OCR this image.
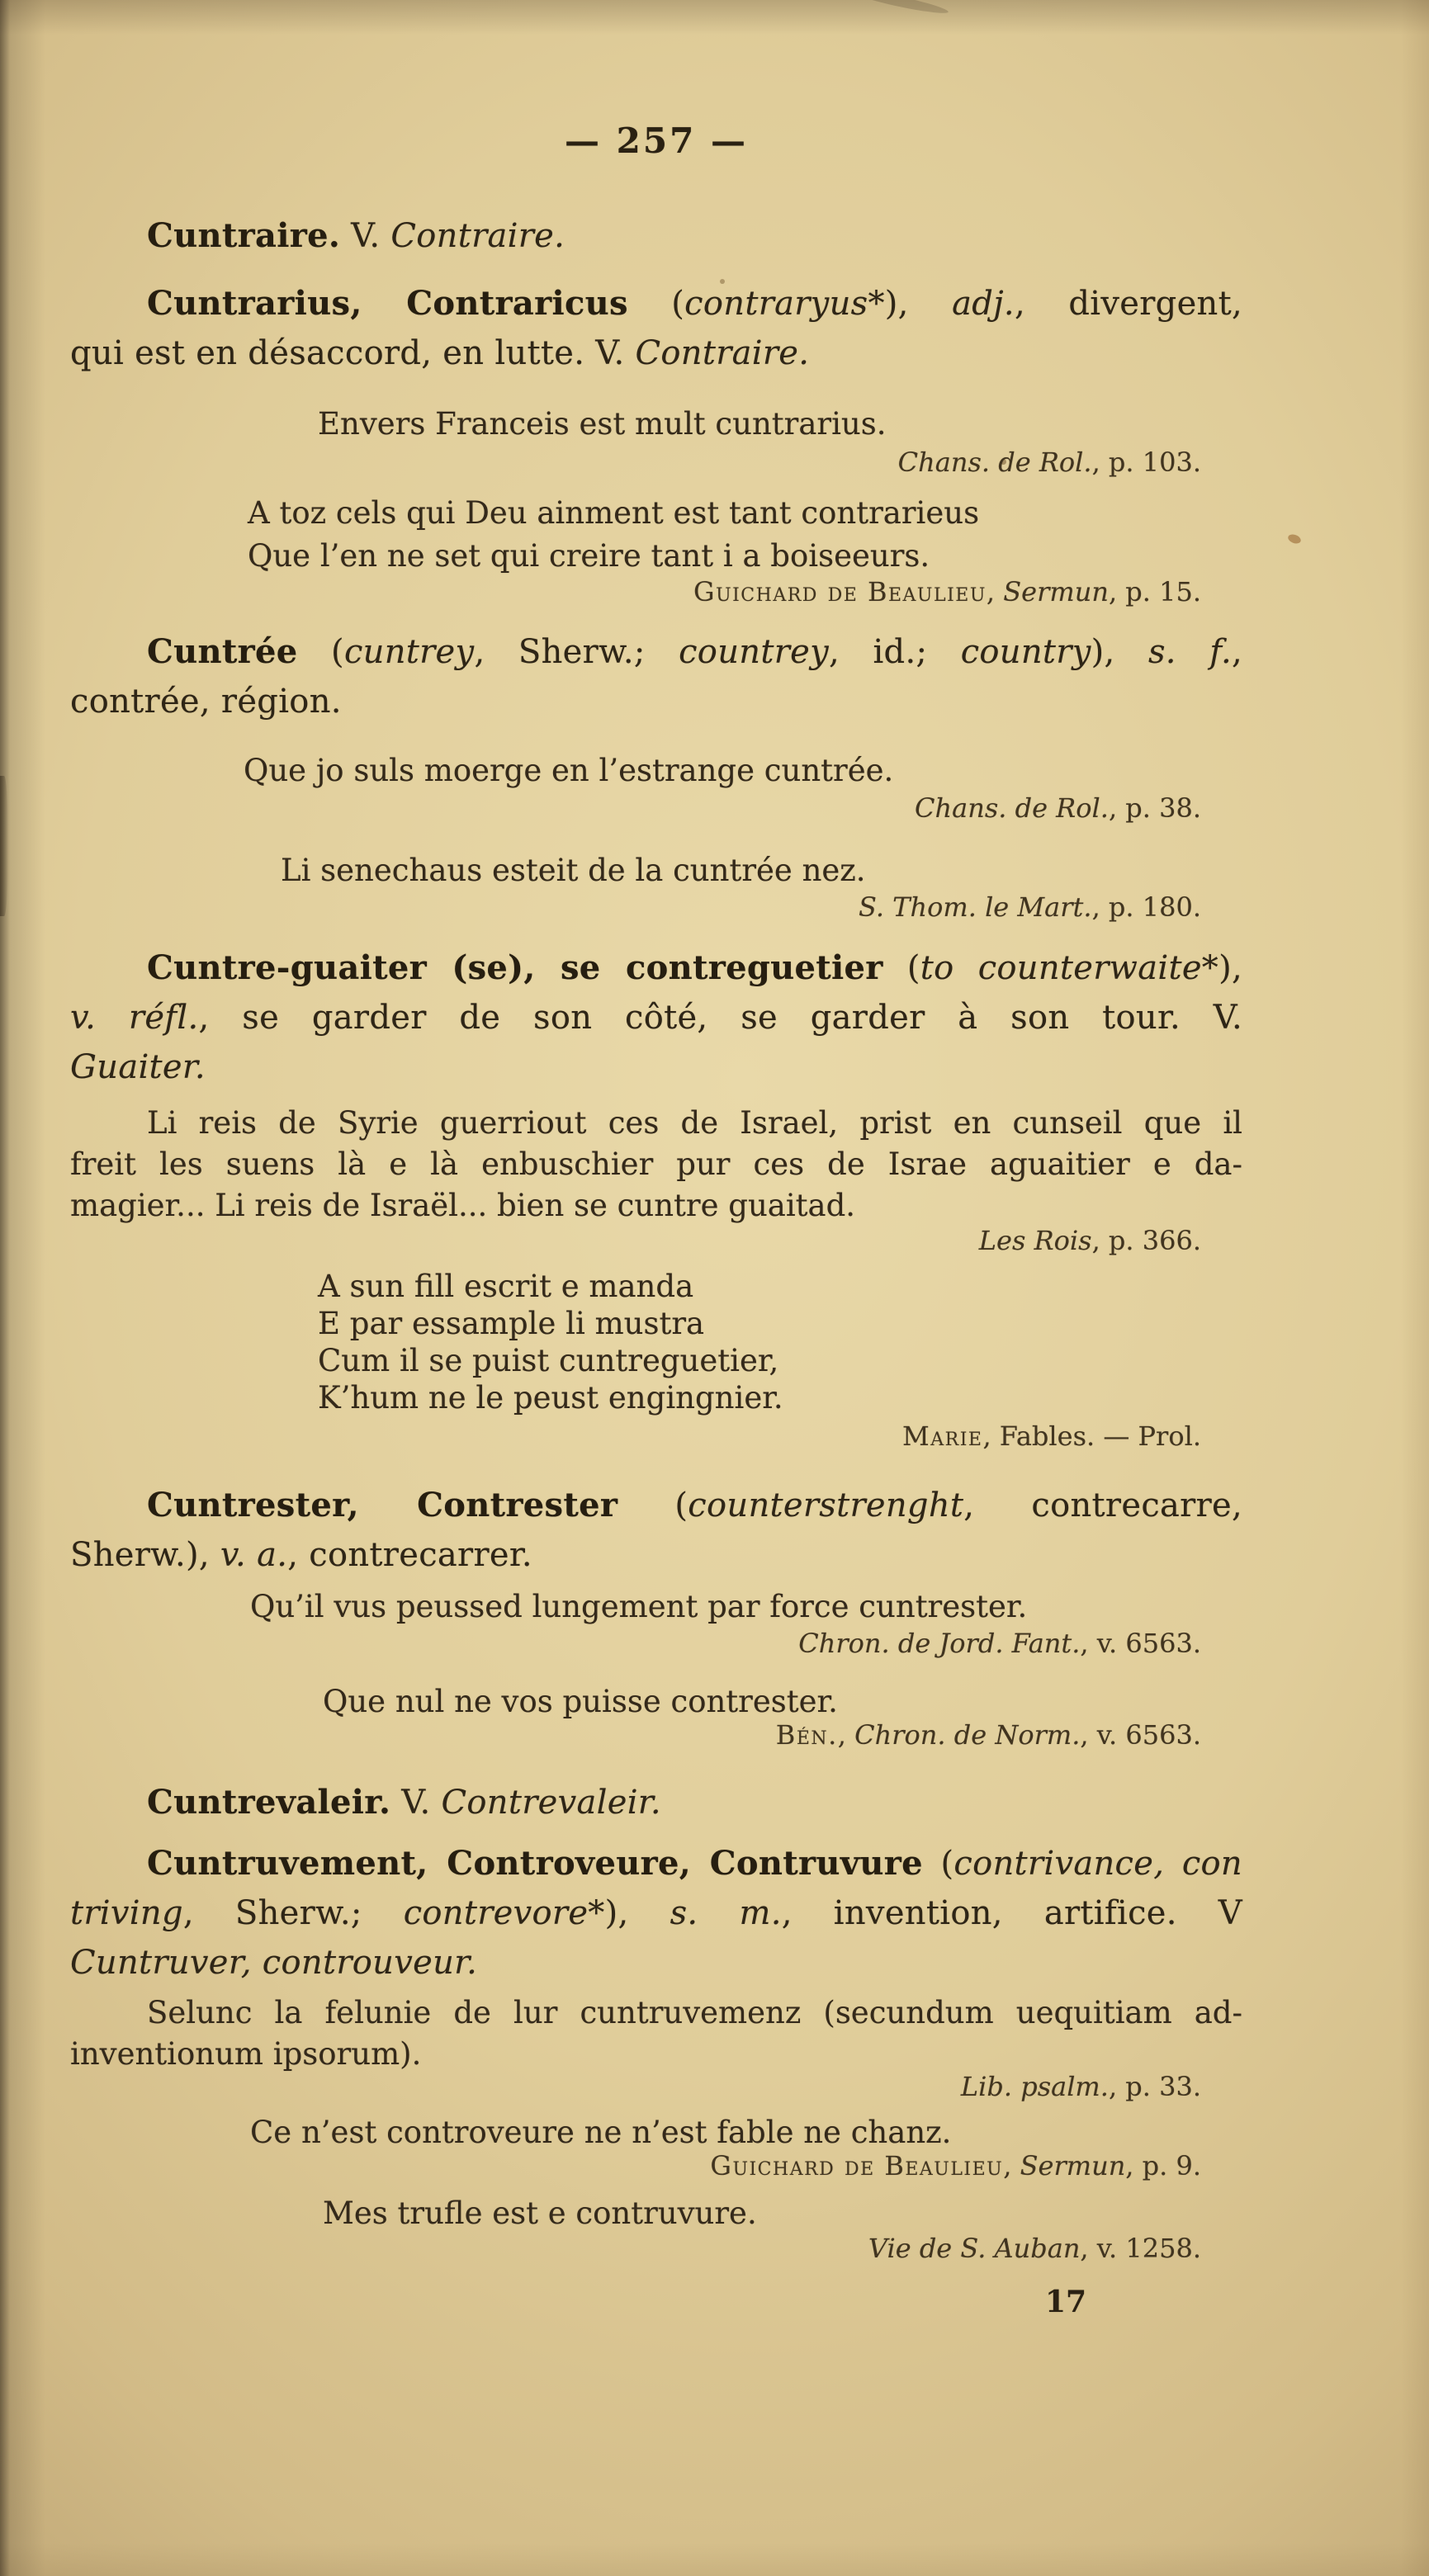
— 257 —
Cuntraire. V. Contraire.
Cuntrarius, Contraricus (contraryus*), adj., divergent,
qui est en désaccord, en lutte. V. Contraire.
Envers Franceis est mult cuntrarius.
Chans. de Rol., p. 103.
A toz cels qui Deu ainment est tant contrarieus
Que l’en ne set qui creire tant i a boiseeurs.
Guichard de Beaulieu, Sermun, p. 15.
Cuntrée (cuntrey, Sherw.; countrey, id.; country), s. f.,
contrée, région.
Que jo suls moerge en l’estrange cuntrée.
Chans. de Rol., p. 38.
Li senechaus esteit de la cuntrée nez.
S. Thom. le Mart., p. 180.
Cuntre-guaiter (se), se contreguetier (to counterwaite*),
v. réfl., se garder de son côté, se garder à son tour. V.
Guaiter.
Li reis de Syrie guerriout ces de Israel, prist en cunseil que il
freit les suens là e là enbuschier pur ces de Israe aguaitier e da-
magier... Li reis de Israël... bien se cuntre guaitad.
Les Rois, p. 366.
A sun fill escrit e manda
E par essample li mustra
Cum il se puist cuntreguetier,
K’hum ne le peust engingnier.
Marie, Fables. — Prol.
Cuntrester, Contrester (counterstrenght, contrecarre,
Sherw.), v. a., contrecarrer.
Qu’il vus peussed lungement par force cuntrester.
Chron. de Jord. Fant., v. 6563.
Que nul ne vos puisse contrester.
Bén., Chron. de Norm., v. 6563.
Cuntrevaleir. V. Contrevaleir.
Cuntruvement, Controveure, Contruvure (contrivance, con
triving, Sherw.; contrevore*), s. m., invention, artifice. V
Cuntruver, controuveur.
Selunc la felunie de lur cuntruvemenz (secundum uequitiam ad-
inventionum ipsorum).
Lib. psalm., p. 33.
Ce n’est controveure ne n’est fable ne chanz.
Guichard de Beaulieu, Sermun, p. 9.
Mes trufle est e contruvure.
Vie de S. Auban, v. 1258.
17
